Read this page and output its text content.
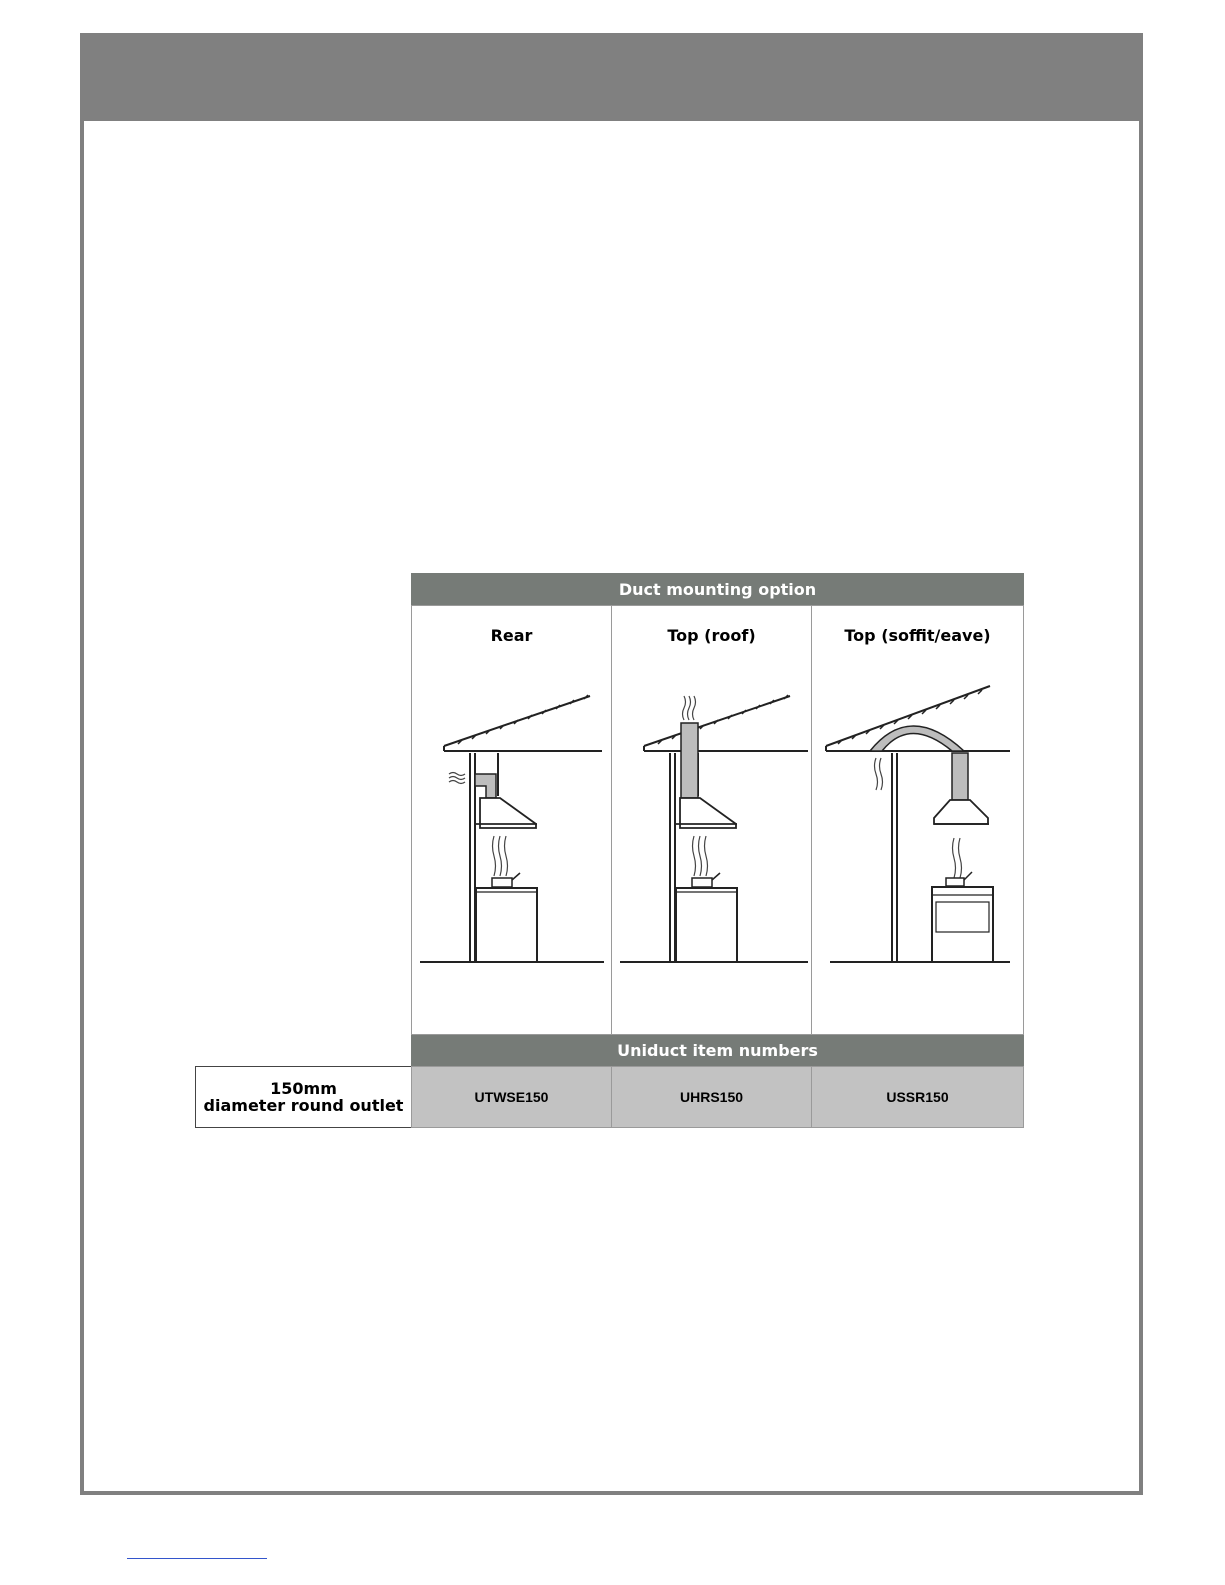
Duct mounting option
Rear	Top (roof)	Top (soffit/eave)
Uniduct item numbers
150mm
diameter round outlet	UTWSE150	UHRS150	USSR150
